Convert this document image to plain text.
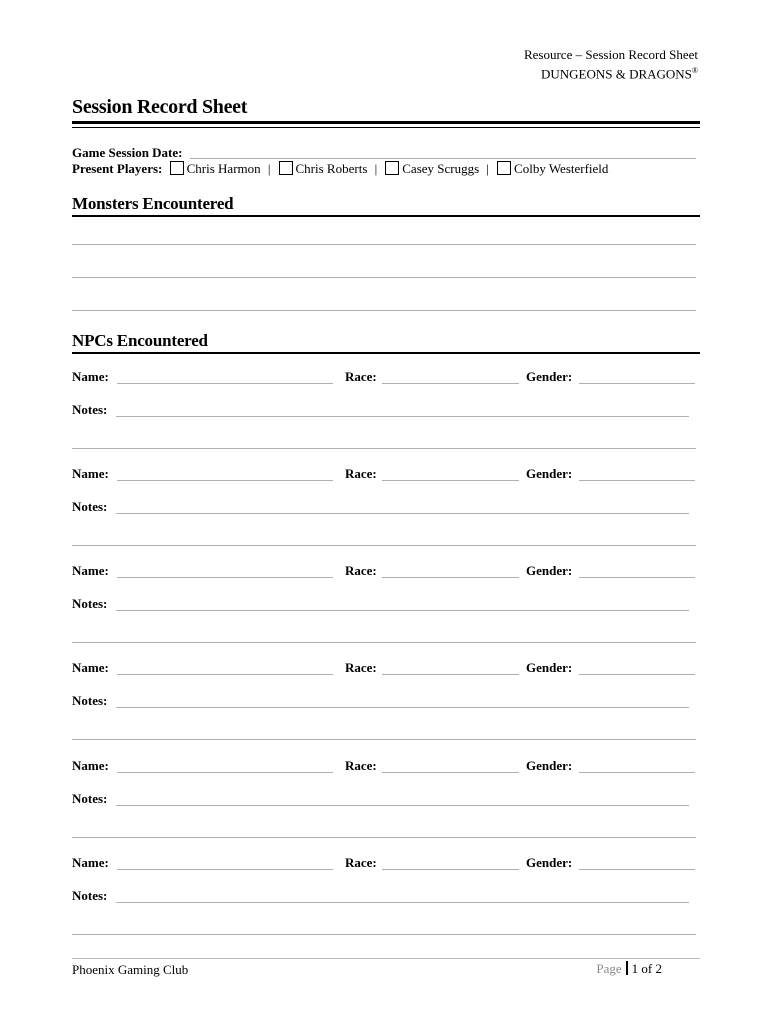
Resource – Session Record Sheet
DUNGEONS & DRAGONS®
Session Record Sheet
Game Session Date:
Present Players: Chris Harmon | Chris Roberts | Casey Scruggs | Colby Westerfield
Monsters Encountered
NPCs Encountered
Name:	Race:	Gender:
Notes:
Name:	Race:	Gender:
Notes:
Name:	Race:	Gender:
Notes:
Name:	Race:	Gender:
Notes:
Name:	Race:	Gender:
Notes:
Name:	Race:	Gender:
Notes:
Phoenix Gaming Club	Page 1 of 2
